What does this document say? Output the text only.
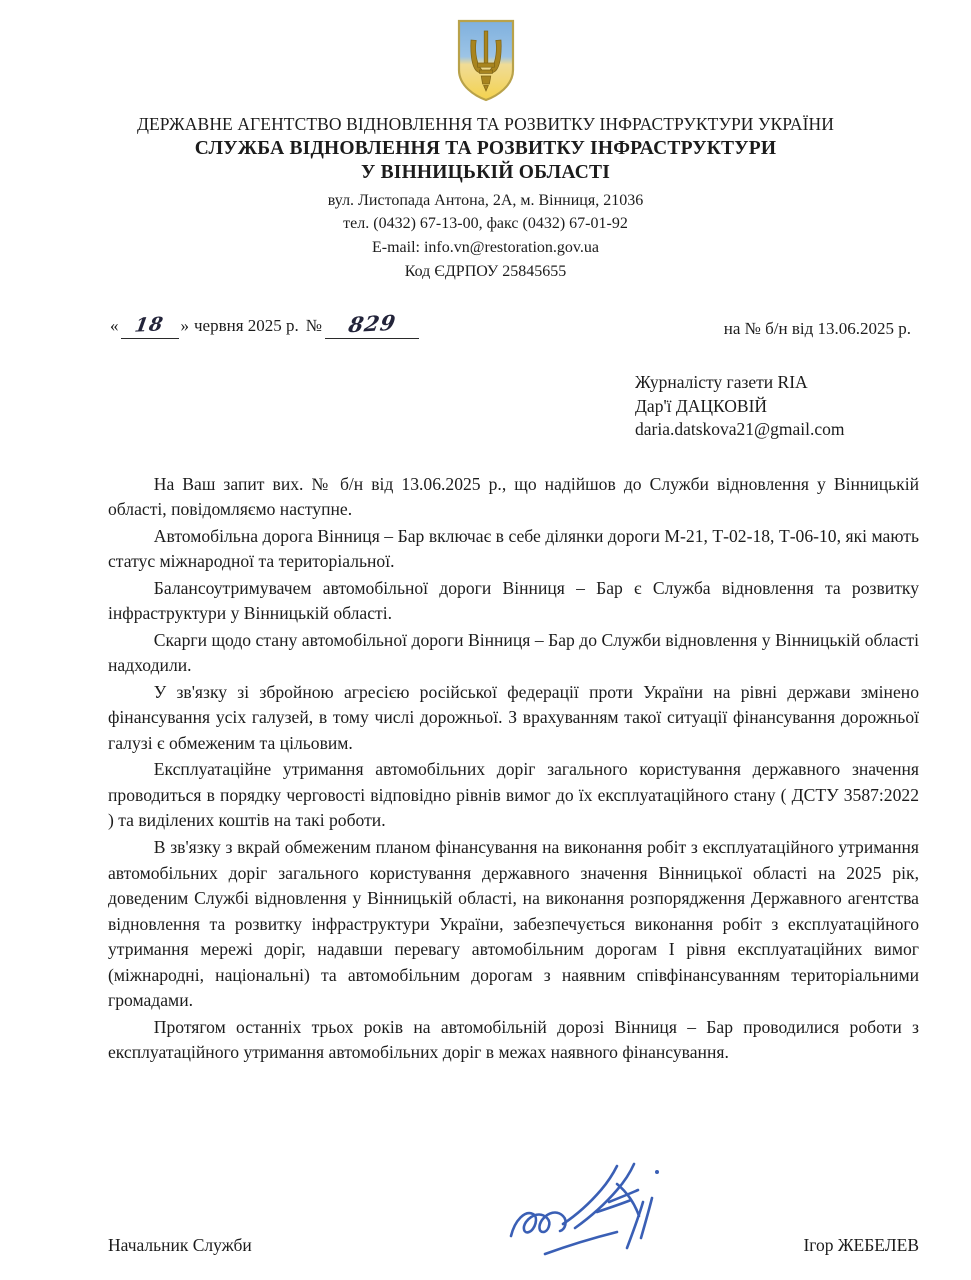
ДЕРЖАВНЕ АГЕНТСТВО ВІДНОВЛЕННЯ ТА РОЗВИТКУ ІНФРАСТРУКТУРИ УКРАЇНИ
СЛУЖБА ВІДНОВЛЕННЯ ТА РОЗВИТКУ ІНФРАСТРУКТУРИ
У ВІННИЦЬКІЙ ОБЛАСТІ
вул. Листопада Антона, 2А, м. Вінниця, 21036
тел. (0432) 67-13-00, факс (0432) 67-01-92
E-mail: info.vn@restoration.gov.ua
Код ЄДРПОУ 25845655
« 18 » червня 2025 р. №	829	на № б/н від 13.06.2025 р.
Журналісту газети RIA
Дар'ї ДАЦКОВІЙ
daria.datskova21@gmail.com

На Ваш запит вих. № б/н від 13.06.2025 р., що надійшов до Служби відновлення у Вінницькій області, повідомляємо наступне.

Автомобільна дорога Вінниця – Бар включає в себе ділянки дороги М-21, Т-02-18, Т-06-10, які мають статус міжнародної та територіальної.

Балансоутримувачем автомобільної дороги Вінниця – Бар є Служба відновлення та розвитку інфраструктури у Вінницькій області.

Скарги щодо стану автомобільної дороги Вінниця – Бар до Служби відновлення у Вінницькій області надходили.

У зв'язку зі збройною агресією російської федерації проти України на рівні держави змінено фінансування усіх галузей, в тому числі дорожньої. З врахуванням такої ситуації фінансування дорожньої галузі є обмеженим та цільовим.

Експлуатаційне утримання автомобільних доріг загального користування державного значення проводиться в порядку черговості відповідно рівнів вимог до їх експлуатаційного стану ( ДСТУ 3587:2022 ) та виділених коштів на такі роботи.

В зв'язку з вкрай обмеженим планом фінансування на виконання робіт з експлуатаційного утримання автомобільних доріг загального користування державного значення Вінницької області на 2025 рік, доведеним Службі відновлення у Вінницькій області, на виконання розпорядження Державного агентства відновлення та розвитку інфраструктури України, забезпечується виконання робіт з експлуатаційного утримання мережі доріг, надавши перевагу автомобільним дорогам I рівня експлуатаційних вимог (міжнародні, національні) та автомобільним дорогам з наявним співфінансуванням територіальними громадами.

Протягом останніх трьох років на автомобільній дорозі Вінниця – Бар проводилися роботи з експлуатаційного утримання автомобільних доріг в межах наявного фінансування.

Начальник Служби	Ігор ЖЕБЕЛЕВ
